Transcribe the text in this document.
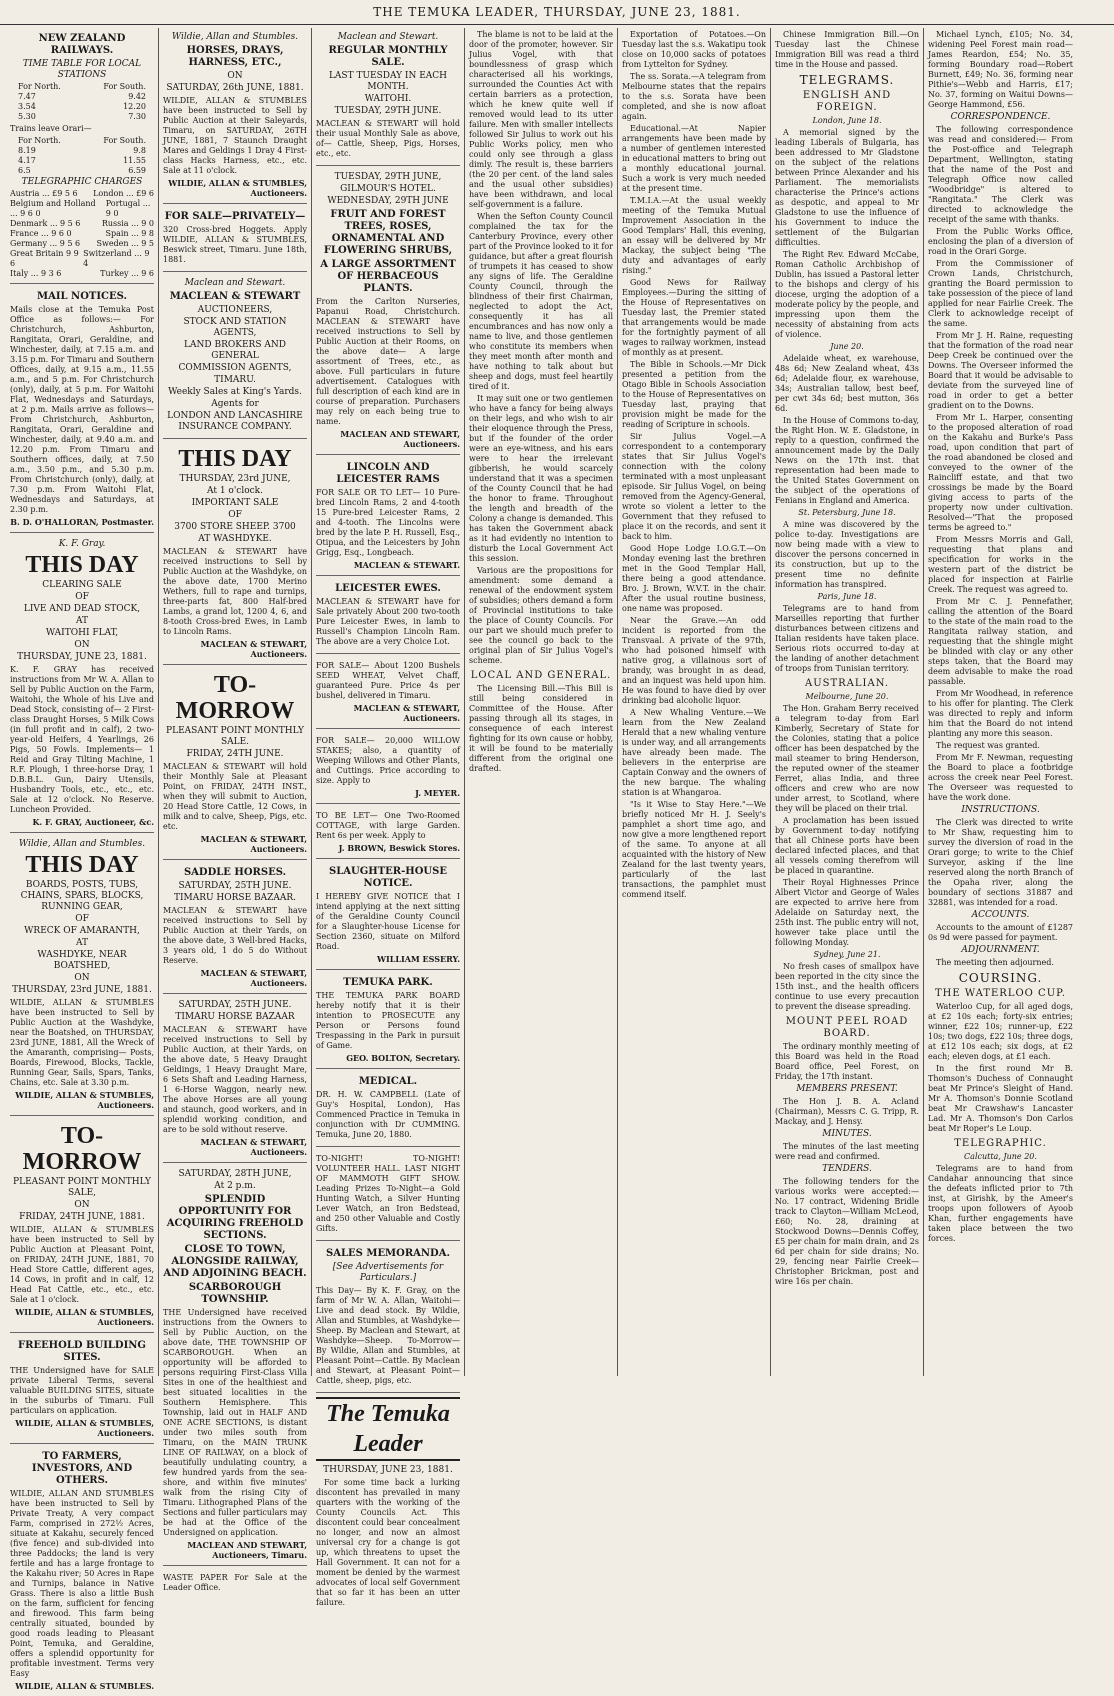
THE TEMUKA LEADER, THURSDAY, JUNE 23, 1881.
NEW ZEALAND RAILWAYS.
TIME TABLE FOR LOCAL STATIONS
For North.	For South.
7.47	9.42
3.54	12.20
5.30	7.30
Trains leave Orari—
For North.	For South.
8.19	9.8
4.17	11.55
6.5	6.59
TELEGRAPHIC CHARGES
Austria ... £9 5 6 London ... £9 6
Belgium and Holland ... 9 6 0
Portugal ... 9 0
Denmark ... 9 5 6	Russia ... 9 0
France ... 9 6 0	Spain ... 9 8
Germany ... 9 5 6 Sweden ... 9 5
Great Britain 9 9 6
Switzerland ... 9 4
Italy ... 9 3 6	Turkey ... 9 6
MAIL NOTICES.
Mails close at the Temuka Post Office as follows:— For Christchurch, Ashburton, Rangitata, Orari, Geraldine, and Winchester, daily, at 7.15 a.m. and 3.15 p.m. For Timaru and Southern Offices, daily, at 9.15 a.m., 11.55 a.m., and 5 p.m. For Christchurch (only), daily, at 5 p.m. For Waitohi Flat, Wednesdays and Saturdays, at 2 p.m. Mails arrive as follows— From Christchurch, Ashburton, Rangitata, Orari, Geraldine and Winchester, daily, at 9.40 a.m. and 12.20 p.m. From Timaru and Southern offices, daily, at 7.50 a.m., 3.50 p.m., and 5.30 p.m. From Christchurch (only), daily, at 7.30 p.m. From Waitohi Flat, Wednesdays and Saturdays, at 2.30 p.m.
B. D. O'HALLORAN, Postmaster.
K. F. Gray.
THIS DAY
CLEARING SALE
OF
LIVE AND DEAD STOCK,
AT
WAITOHI FLAT,
ON
THURSDAY, JUNE 23, 1881.
K. F. GRAY has received instructions from Mr W. A. Allan to Sell by Public Auction on the Farm, Waitohi, the Whole of his Live and Dead Stock, consisting of— 2 First-class Draught Horses, 5 Milk Cows (in full profit and in calf), 2 two-year-old Heifers, 4 Yearlings, 26 Pigs, 50 Fowls. Implements— 1 Reid and Gray Tilting Machine, 1 R.F. Plough, 1 three-horse Dray, 1 D.B.B.L. Gun, Dairy Utensils, Husbandry Tools, etc., etc., etc. Sale at 12 o'clock. No Reserve. Luncheon Provided.
K. F. GRAY, Auctioneer, &c.
Wildie, Allan and Stumbles.
THIS DAY
BOARDS, POSTS, TUBS, CHAINS, SPARS, BLOCKS, RUNNING GEAR,
OF
WRECK OF AMARANTH,
AT
WASHDYKE, NEAR BOATSHED,
ON
THURSDAY, 23rd JUNE, 1881.
WILDIE, ALLAN & STUMBLES have been instructed to Sell by Public Auction at the Washdyke, near the Boatshed, on THURSDAY, 23rd JUNE, 1881, All the Wreck of the Amaranth, comprising— Posts, Boards, Firewood, Blocks, Tackle, Running Gear, Sails, Spars, Tanks, Chains, etc. Sale at 3.30 p.m.
WILDIE, ALLAN & STUMBLES, Auctioneers.
TO-MORROW
PLEASANT POINT MONTHLY SALE,
ON
FRIDAY, 24TH JUNE, 1881.
WILDIE, ALLAN & STUMBLES have been instructed to Sell by Public Auction at Pleasant Point, on FRIDAY, 24TH JUNE, 1881, 70 Head Store Cattle, different ages, 14 Cows, in profit and in calf, 12 Head Fat Cattle, etc., etc., etc. Sale at 1 o'clock.
WILDIE, ALLAN & STUMBLES, Auctioneers.
FREEHOLD BUILDING SITES.
THE Undersigned have for SALE private Liberal Terms, several valuable BUILDING SITES, situate in the suburbs of Timaru. Full particulars on application.
WILDIE, ALLAN & STUMBLES, Auctioneers.
TO FARMERS, INVESTORS, AND OTHERS.
WILDIE, ALLAN AND STUMBLES have been instructed to Sell by Private Treaty, A very compact Farm, comprised in 272½ Acres, situate at Kakahu, securely fenced (five fence) and sub-divided into three Paddocks; the land is very fertile and has a large frontage to the Kakahu river; 50 Acres in Rape and Turnips, balance in Native Grass. There is also a little Bush on the farm, sufficient for fencing and firewood. This farm being centrally situated, bounded by good roads leading to Pleasant Point, Temuka, and Geraldine, offers a splendid opportunity for profitable investment. Terms very Easy
WILDIE, ALLAN & STUMBLES.
Wildie, Allan and Stumbles.
HORSES, DRAYS, HARNESS, ETC.,
ON
SATURDAY, 26th JUNE, 1881.
WILDIE, ALLAN & STUMBLES have been instructed to Sell by Public Auction at their Saleyards, Timaru, on SATURDAY, 26TH JUNE, 1881, 7 Staunch Draught Mares and Geldings 1 Dray 4 First-class Hacks Harness, etc., etc. Sale at 11 o'clock.
WILDIE, ALLAN & STUMBLES, Auctioneers.
FOR SALE—PRIVATELY—
320 Cross-bred Hoggets. Apply WILDIE, ALLAN & STUMBLES, Beswick street, Timaru. June 18th, 1881.
Maclean and Stewart.
MACLEAN & STEWART
AUCTIONEERS,
STOCK AND STATION AGENTS,
LAND BROKERS AND GENERAL
COMMISSION AGENTS,
TIMARU.
Weekly Sales at King's Yards.
Agents for
LONDON AND LANCASHIRE INSURANCE COMPANY.
THIS DAY
THURSDAY, 23rd JUNE,
At 1 o'clock.
IMPORTANT SALE
OF
3700 STORE SHEEP. 3700
AT WASHDYKE.
MACLEAN & STEWART have received instructions to Sell by Public Auction at the Washdyke, on the above date, 1700 Merino Wethers, full to rape and turnips, three-parts fat, 800 Half-bred Lambs, a grand lot, 1200 4, 6, and 8-tooth Cross-bred Ewes, in Lamb to Lincoln Rams.
MACLEAN & STEWART, Auctioneers.
TO-MORROW
PLEASANT POINT MONTHLY SALE.
FRIDAY, 24TH JUNE.
MACLEAN & STEWART will hold their Monthly Sale at Pleasant Point, on FRIDAY, 24TH INST., when they will submit to Auction, 20 Head Store Cattle, 12 Cows, in milk and to calve, Sheep, Pigs, etc. etc.
MACLEAN & STEWART, Auctioneers.
SADDLE HORSES.
SATURDAY, 25TH JUNE.
TIMARU HORSE BAZAAR.
MACLEAN & STEWART have received instructions to Sell by Public Auction at their Yards, on the above date, 3 Well-bred Hacks, 3 years old, 1 do 5 do Without Reserve.
MACLEAN & STEWART, Auctioneers.
SATURDAY, 25TH JUNE.
TIMARU HORSE BAZAAR
MACLEAN & STEWART have received instructions to Sell by Public Auction, at their Yards, on the above date, 5 Heavy Draught Geldings, 1 Heavy Draught Mare, 6 Sets Shaft and Leading Harness, 1 6-Horse Waggon, nearly new. The above Horses are all young and staunch, good workers, and in splendid working condition, and are to be sold without reserve.
MACLEAN & STEWART, Auctioneers.
SATURDAY, 28TH JUNE,
At 2 p.m.
SPLENDID OPPORTUNITY FOR ACQUIRING FREEHOLD SECTIONS.
CLOSE TO TOWN, ALONGSIDE RAILWAY, AND ADJOINING BEACH.
SCARBOROUGH TOWNSHIP.
THE Undersigned have received instructions from the Owners to Sell by Public Auction, on the above date, THE TOWNSHIP OF SCARBOROUGH. When an opportunity will be afforded to persons requiring First-Class Villa Sites in one of the healthiest and best situated localities in the Southern Hemisphere. This Township, laid out in HALF AND ONE ACRE SECTIONS, is distant under two miles south from Timaru, on the MAIN TRUNK LINE OF RAILWAY, on a block of beautifully undulating country, a few hundred yards from the sea-shore, and within five minutes' walk from the rising City of Timaru. Lithographed Plans of the Sections and fuller particulars may be had at the Office of the Undersigned on application.
MACLEAN AND STEWART, Auctioneers, Timaru.
WASTE PAPER For Sale at the Leader Office.
Maclean and Stewart.
REGULAR MONTHLY SALE.
LAST TUESDAY IN EACH MONTH.
WAITOHI.
TUESDAY, 29TH JUNE.
MACLEAN & STEWART will hold their usual Monthly Sale as above, of— Cattle, Sheep, Pigs, Horses, etc., etc.
TUESDAY, 29TH JUNE,
GILMOUR'S HOTEL.
WEDNESDAY, 29TH JUNE
FRUIT AND FOREST TREES, ROSES, ORNAMENTAL AND FLOWERING SHRUBS,
A LARGE ASSORTMENT OF HERBACEOUS PLANTS.
From the Carlton Nurseries, Papanui Road, Christchurch. MACLEAN & STEWART have received instructions to Sell by Public Auction at their Rooms, on the above date— A large assortment of Trees, etc., as above. Full particulars in future advertisement. Catalogues with full description of each kind are in course of preparation. Purchasers may rely on each being true to name.
MACLEAN AND STEWART, Auctioneers.
LINCOLN AND LEICESTER RAMS
FOR SALE OR TO LET— 10 Pure-bred Lincoln Rams, 2 and 4-tooth 15 Pure-bred Leicester Rams, 2 and 4-tooth. The Lincolns were bred by the late P. H. Russell, Esq., Otipua, and the Leicesters by John Grigg, Esq., Longbeach.
MACLEAN & STEWART.
LEICESTER EWES.
MACLEAN & STEWART have for Sale privately About 200 two-tooth Pure Leicester Ewes, in lamb to Russell's Champion Lincoln Ram. The above are a very Choice Lot.
FOR SALE— About 1200 Bushels SEED WHEAT, Velvet Chaff, guaranteed Pure. Price 4s per bushel, delivered in Timaru.
MACLEAN & STEWART, Auctioneers.
FOR SALE— 20,000 WILLOW STAKES; also, a quantity of Weeping Willows and Other Plants, and Cuttings. Price according to size. Apply to
J. MEYER.
TO BE LET— One Two-Roomed COTTAGE, with large Garden. Rent 6s per week. Apply to
J. BROWN, Beswick Stores.
SLAUGHTER-HOUSE NOTICE.
I HEREBY GIVE NOTICE that I intend applying at the next sitting of the Geraldine County Council for a Slaughter-house License for Section 2360, situate on Milford Road.
WILLIAM ESSERY.
TEMUKA PARK.
THE TEMUKA PARK BOARD hereby notify that it is their intention to PROSECUTE any Person or Persons found Trespassing in the Park in pursuit of Game.
GEO. BOLTON, Secretary.
MEDICAL.
DR. H. W. CAMPBELL (Late of Guy's Hospital, London), Has Commenced Practice in Temuka in conjunction with Dr CUMMING. Temuka, June 20, 1880.
TO-NIGHT! TO-NIGHT! VOLUNTEER HALL. LAST NIGHT OF MAMMOTH GIFT SHOW. Leading Prizes To-Night—a Gold Hunting Watch, a Silver Hunting Lever Watch, an Iron Bedstead, and 250 other Valuable and Costly Gifts.
SALES MEMORANDA.
[See Advertisements for Particulars.]
This Day— By K. F. Gray, on the farm of Mr W. A. Allan, Waitohi—Live and dead stock. By Wildie, Allan and Stumbles, at Washdyke—Sheep. By Maclean and Stewart, at Washdyke—Sheep. To-Morrow— By Wildie, Allan and Stumbles, at Pleasant Point—Cattle. By Maclean and Stewart, at Pleasant Point—Cattle, sheep, pigs, etc.
The Temuka Leader
THURSDAY, JUNE 23, 1881.
For some time back a lurking discontent has prevailed in many quarters with the working of the County Councils Act. This discontent could bear concealment no longer, and now an almost universal cry for a change is got up, which threatens to upset the Hall Government. It can not for a moment be denied by the warmest advocates of local self Government that so far it has been an utter failure.
The blame is not to be laid at the door of the promoter, however. Sir Julius Vogel, with that boundlessness of grasp which characterised all his workings, surrounded the Counties Act with certain barriers as a protection, which he knew quite well if removed would lead to its utter failure. Men with smaller intellects followed Sir Julius to work out his Public Works policy, men who could only see through a glass dimly. The result is, these barriers (the 20 per cent. of the land sales and the usual other subsidies) have been withdrawn, and local self-government is a failure.
When the Sefton County Council complained the tax for the Canterbury Province, every other part of the Province looked to it for guidance, but after a great flourish of trumpets it has ceased to show any signs of life. The Geraldine County Council, through the blindness of their first Chairman, neglected to adopt the Act, consequently it has all encumbrances and has now only a name to live, and those gentlemen who constitute its members when they meet month after month and have nothing to talk about but sheep and dogs, must feel heartily tired of it.
It may suit one or two gentlemen who have a fancy for being always on their legs, and who wish to air their eloquence through the Press, but if the founder of the order were an eye-witness, and his ears were to hear the irrelevant gibberish, he would scarcely understand that it was a specimen of the County Council that he had the honor to frame. Throughout the length and breadth of the Colony a change is demanded. This has taken the Government aback as it had evidently no intention to disturb the Local Government Act this session.
Various are the propositions for amendment: some demand a renewal of the endowment system of subsidies; others demand a form of Provincial institutions to take the place of County Councils. For our part we should much prefer to see the council go back to the original plan of Sir Julius Vogel's scheme.
LOCAL AND GENERAL.
The Licensing Bill.—This Bill is still being considered in Committee of the House. After passing through all its stages, in consequence of each interest fighting for its own cause or hobby, it will be found to be materially different from the original one drafted.
Exportation of Potatoes.—On Tuesday last the s.s. Wakatipu took close on 10,000 sacks of potatoes from Lyttelton for Sydney.
The ss. Sorata.—A telegram from Melbourne states that the repairs to the s.s. Sorata have been completed, and she is now afloat again.
Educational.—At Napier arrangements have been made by a number of gentlemen interested in educational matters to bring out a monthly educational journal. Such a work is very much needed at the present time.
T.M.I.A.—At the usual weekly meeting of the Temuka Mutual Improvement Association in the Good Templars' Hall, this evening, an essay will be delivered by Mr Mackay, the subject being "The duty and advantages of early rising."
Good News for Railway Employees.—During the sitting of the House of Representatives on Tuesday last, the Premier stated that arrangements would be made for the fortnightly payment of all wages to railway workmen, instead of monthly as at present.
The Bible in Schools.—Mr Dick presented a petition from the Otago Bible in Schools Association to the House of Representatives on Tuesday last, praying that provision might be made for the reading of Scripture in schools.
Sir Julius Vogel.—A correspondent to a contemporary states that Sir Julius Vogel's connection with the colony terminated with a most unpleasant episode. Sir Julius Vogel, on being removed from the Agency-General, wrote so violent a letter to the Government that they refused to place it on the records, and sent it back to him.
Good Hope Lodge I.O.G.T.—On Monday evening last the brethren met in the Good Templar Hall, there being a good attendance. Bro. J. Brown, W.V.T. in the chair. After the usual routine business, one name was proposed.
Near the Grave.—An odd incident is reported from the Transvaal. A private of the 97th, who had poisoned himself with native grog, a villainous sort of brandy, was brought in as dead, and an inquest was held upon him. He was found to have died by over drinking bad alcoholic liquor.
A New Whaling Venture.—We learn from the New Zealand Herald that a new whaling venture is under way, and all arrangements have already been made. The believers in the enterprise are Captain Conway and the owners of the new barque. The whaling station is at Whangaroa.
"Is it Wise to Stay Here."—We briefly noticed Mr H. J. Seely's pamphlet a short time ago, and now give a more lengthened report of the same. To anyone at all acquainted with the history of New Zealand for the last twenty years, particularly of the last transactions, the pamphlet must commend itself.
Chinese Immigration Bill.—On Tuesday last the Chinese Immigration Bill was read a third time in the House and passed.
TELEGRAMS.
ENGLISH AND FOREIGN.
London, June 18.
A memorial signed by the leading Liberals of Bulgaria, has been addressed to Mr Gladstone on the subject of the relations between Prince Alexander and his Parliament. The memorialists characterise the Prince's actions as despotic, and appeal to Mr Gladstone to use the influence of his Government to induce the settlement of the Bulgarian difficulties.
The Right Rev. Edward McCabe, Roman Catholic Archbishop of Dublin, has issued a Pastoral letter to the bishops and clergy of his diocese, urging the adoption of a moderate policy by the people, and impressing upon them the necessity of abstaining from acts of violence.
June 20.
Adelaide wheat, ex warehouse, 48s 6d; New Zealand wheat, 43s 6d; Adelaide flour, ex warehouse, 34s; Australian tallow, best beef, per cwt 34s 6d; best mutton, 36s 6d.
In the House of Commons to-day, the Right Hon. W. E. Gladstone, in reply to a question, confirmed the announcement made by the Daily News on the 17th inst. that representation had been made to the United States Government on the subject of the operations of Fenians in England and America.
St. Petersburg, June 18.
A mine was discovered by the police to-day. Investigations are now being made with a view to discover the persons concerned in its construction, but up to the present time no definite information has transpired.
Paris, June 18.
Telegrams are to hand from Marseilles reporting that further disturbances between citizens and Italian residents have taken place. Serious riots occurred to-day at the landing of another detachment of troops from Tunisian territory.
AUSTRALIAN.
Melbourne, June 20.
The Hon. Graham Berry received a telegram to-day from Earl Kimberly, Secretary of State for the Colonies, stating that a police officer has been despatched by the mail steamer to bring Henderson, the reputed owner of the steamer Ferret, alias India, and three officers and crew who are now under arrest, to Scotland, where they will be placed on their trial.
A proclamation has been issued by Government to-day notifying that all Chinese ports have been declared infected places, and that all vessels coming therefrom will be placed in quarantine.
Their Royal Highnesses Prince Albert Victor and George of Wales are expected to arrive here from Adelaide on Saturday next, the 25th inst. The public entry will not, however take place until the following Monday.
Sydney, June 21.
No fresh cases of smallpox have been reported in the city since the 15th inst., and the health officers continue to use every precaution to prevent the disease spreading.
MOUNT PEEL ROAD BOARD.
The ordinary monthly meeting of this Board was held in the Road Board office, Peel Forest, on Friday, the 17th instant.
MEMBERS PRESENT.
The Hon J. B. A. Acland (Chairman), Messrs C. G. Tripp, R. Mackay, and J. Hensy.
MINUTES.
The minutes of the last meeting were read and confirmed.
TENDERS.
The following tenders for the various works were accepted:— No. 17 contract, Widening Bridle track to Clayton—William McLeod, £60; No. 28, draining at Stockwood Downs—Dennis Coffey, £5 per chain for main drain, and 2s 6d per chain for side drains; No. 29, fencing near Fairlie Creek—Christopher Brickman, post and wire 16s per chain.
Michael Lynch, £105; No. 34, widening Peel Forest main road—James Reardon, £54; No. 35, forming Boundary road—Robert Burnett, £49; No. 36, forming near Pithie's—Webb and Harris, £17; No. 37, forming on Waitui Downs—George Hammond, £56.
CORRESPONDENCE.
The following correspondence was read and considered:— From the Post-office and Telegraph Department, Wellington, stating that the name of the Post and Telegraph Office now called "Woodbridge" is altered to "Rangitata." The Clerk was directed to acknowledge the receipt of the same with thanks.
From the Public Works Office, enclosing the plan of a diversion of road in the Orari Gorge.
From the Commissioner of Crown Lands, Christchurch, granting the Board permission to take possession of the piece of land applied for near Fairlie Creek. The Clerk to acknowledge receipt of the same.
From Mr J. H. Raine, requesting that the formation of the road near Deep Creek be continued over the Downs. The Overseer informed the Board that it would be advisable to deviate from the surveyed line of road in order to get a better gradient on to the Downs.
From Mr L. Harper, consenting to the proposed alteration of road on the Kakahu and Burke's Pass road, upon condition that part of the road abandoned be closed and conveyed to the owner of the Raincliff estate, and that two crossings be made by the Board giving access to parts of the property now under cultivation. Resolved—"That the proposed terms be agreed to."
From Messrs Morris and Gall, requesting that plans and specification for works in the western part of the district be placed for inspection at Fairlie Creek. The request was agreed to.
From Mr C. J. Pennefather, calling the attention of the Board to the state of the main road to the Rangitata railway station, and requesting that the shingle might be blinded with clay or any other steps taken, that the Board may deem advisable to make the road passable.
From Mr Woodhead, in reference to his offer for planting. The Clerk was directed to reply and inform him that the Board do not intend planting any more this season.
The request was granted.
From Mr F. Newman, requesting the Board to place a footbridge across the creek near Peel Forest. The Overseer was requested to have the work done.
INSTRUCTIONS.
The Clerk was directed to write to Mr Shaw, requesting him to survey the diversion of road in the Orari gorge; to write to the Chief Surveyor, asking if the line reserved along the north Branch of the Opaha river, along the boundary of sections 31887 and 32881, was intended for a road.
ACCOUNTS.
Accounts to the amount of £1287 0s 9d were passed for payment.
ADJOURNMENT.
The meeting then adjourned.
COURSING.
THE WATERLOO CUP.
Waterloo Cup, for all aged dogs, at £2 10s each; forty-six entries; winner, £22 10s; runner-up, £22 10s; two dogs, £22 10s; three dogs, at £12 10s each; six dogs, at £2 each; eleven dogs, at £1 each.
In the first round Mr B. Thomson's Duchess of Connaught beat Mr Prince's Sleight of Hand. Mr A. Thomson's Donnie Scotland beat Mr Crawshaw's Lancaster Lad. Mr A. Thomson's Don Carlos beat Mr Roper's Le Loup.
TELEGRAPHIC.
Calcutta, June 20.
Telegrams are to hand from Candahar announcing that since the defeats inflicted prior to 7th inst, at Girishk, by the Ameer's troops upon followers of Ayoob Khan, further engagements have taken place between the two forces.
